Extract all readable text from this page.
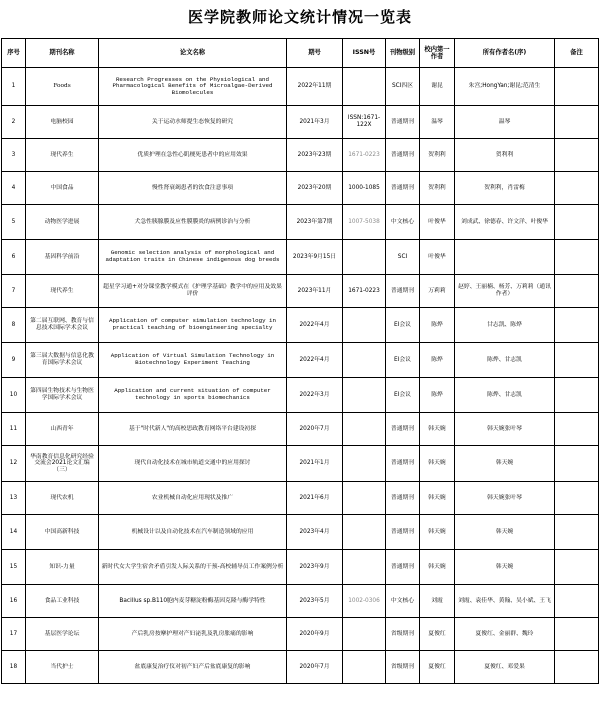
医学院教师论文统计情况一览表
序号	期刊名称	论文名称	期号	ISSN号	刊物级别	校内第一作者	所有作者名(序)	备注
1	Foods	Research Progresses on the Physiological and Pharmacological Benefits of Microalgae-Derived Biomolecules	2022年11期		SCI四区	谢昆	朱宫;HongYan;谢昆;范清生	
2	电脑校园	关于运动水师提生态恢复的研究	2021年3月	ISSN:1671-122X	普通期刊	温琴	温琴	
3	现代养生	优质护理在急性心肌梗死患者中的应用效果	2023年23期	1671-0223	普通期刊	贺利利	贺利利	
4	中国食品	慢性肾衰竭患者的饮食注意事项	2023年20期	1000-1085	普通期刊	贺利利	贺利利，肖雷梅	
5	动物医学进展	犬急性胰腺膜及应性膜膜炎的病例诊治与分析	2023年第7期	1007-5038	中文核心	叶俊华	刘成武、徐德春、许文洋、叶俊华	
6	基因科学前沿	Genomic selection analysis of morphological and adaptation traits in Chinese indigenous dog breeds	2023年9月15日		SCI	叶俊华		
7	现代养生	超星学习通+对分课堂教学模式在《护理学基础》教学中的应用及效果评价	2023年11月	1671-0223	普通期刊	万莉莉	赵婷、王丽楠、杨芳、万莉莉（通讯作者）	
8	第二届互联网、教育与信息技术国际学术会议	Application of computer simulation technology in practical teaching of bioengineering specialty	2022年4月		EI会议	陈烨	甘志凯、陈烨	
9	第三届大数据与信息化教育国际学术会议	Application of Virtual Simulation Technology in Biotechnology Experiment Teaching	2022年4月		EI会议	陈烨	陈烨、甘志凯	
10	第四届生物技术与生物医学国际学术会议	Application and current situation of computer technology in sports biomechanics	2022年3月		EI会议	陈烨	陈烨、甘志凯	
11	山西青年	基于"时代新人"的高校思政教育网络平台建设初探	2020年7月		普通期刊	韩天婉	韩天婉张叶琴	
12	华南教育信息化研究经验交流会2021论文汇编（三）	现代自动化技术在城市轨道交通中的应用探讨	2021年1月		普通期刊	韩天婉	韩天婉	
13	现代农机	农业机械自动化应用现状及推广	2021年6月		普通期刊	韩天婉	韩天婉张叶琴	
14	中国高新科技	机械设计以及自动化技术在汽车制造领域的应用	2023年4月		普通期刊	韩天婉	韩天婉	
15	知识-力量	新时代女大学生宿舍矛盾引发人际关系的干预-高校辅导员工作案例分析	2023年9月		普通期刊	韩天婉	韩天婉	
16	食品工业科技	Bacillus sp.B110胞内麦芽糖淀粉酶基因克隆与酶学特性	2023年5月	1002-0306	中文核心	刘霞	刘霞、袁佳华、黄翰、吴小斌、王飞	
17	基层医学论坛	产后乳房按摩护理对产妇泌乳及乳房胀痛的影响	2020年9月		省级期刊	夏俊红	夏俊红、金丽群、魏玲	
18	当代护士	盆底康复治疗仪对初产妇产后盆底康复的影响	2020年7月		省级期刊	夏俊红	夏俊红、邓爱果	
